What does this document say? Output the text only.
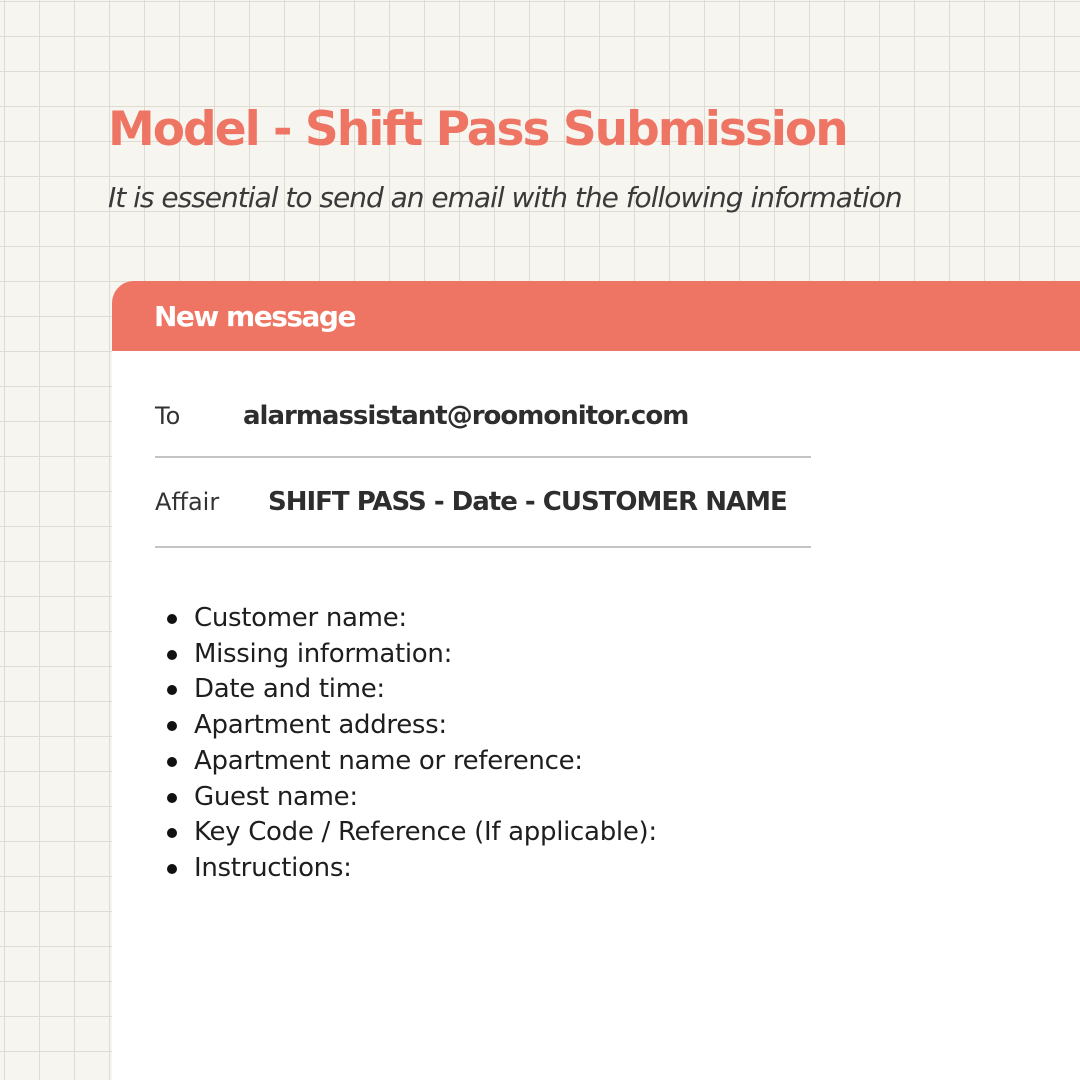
Model - Shift Pass Submission

It is essential to send an email with the following information

New message
To alarmassistant@roomonitor.com
Affair SHIFT PASS - Date - CUSTOMER NAME
Customer name:
Missing information:
Date and time:
Apartment address:
Apartment name or reference:
Guest name:
Key Code / Reference (If applicable):
Instructions:
